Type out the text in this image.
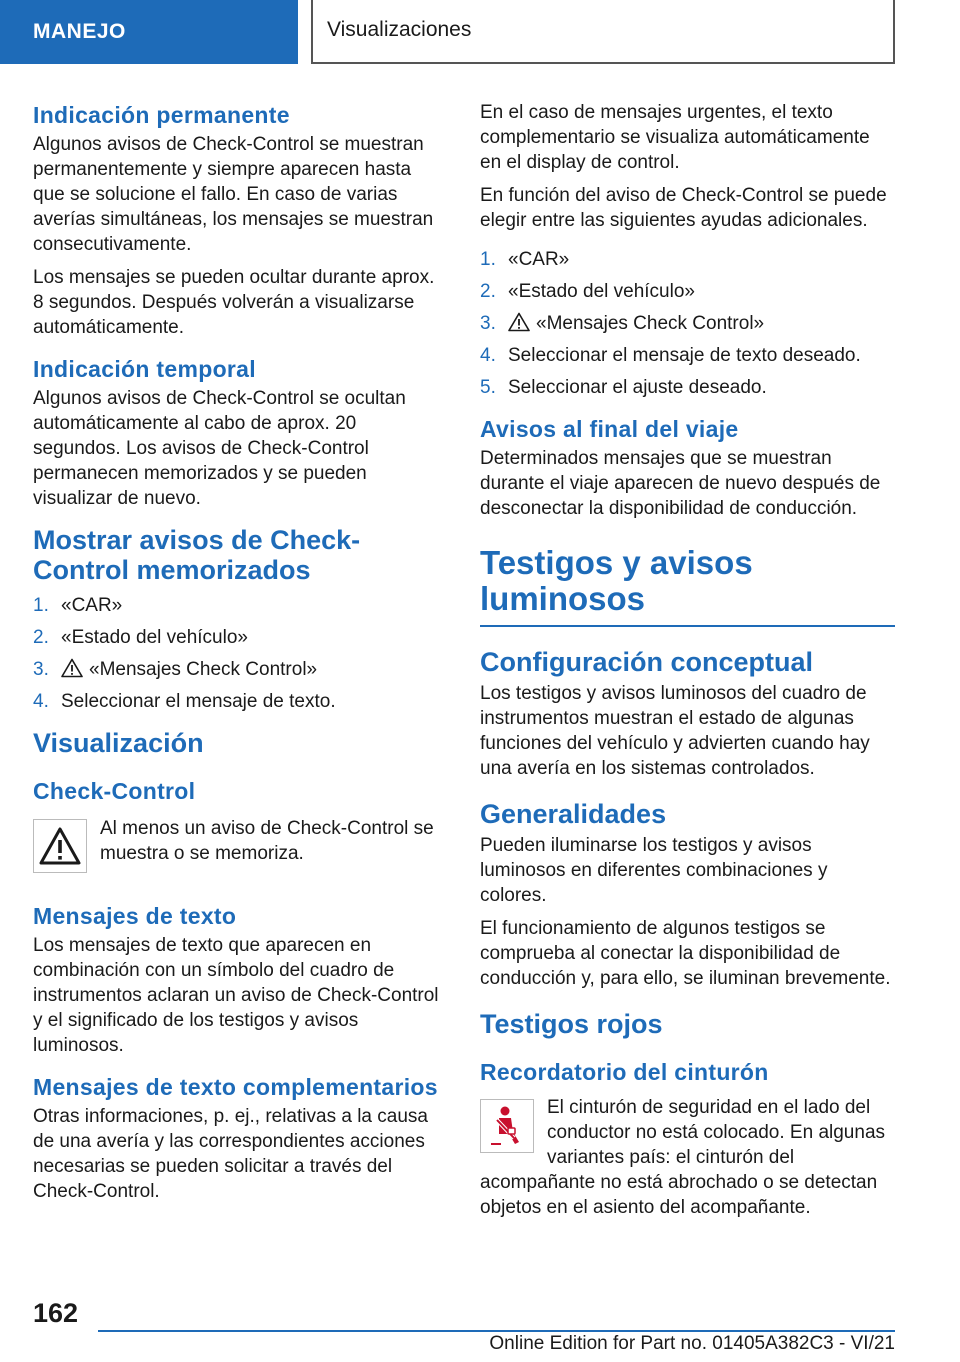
MANEJO	Visualizaciones
Indicación permanente

Algunos avisos de Check-Control se muestran permanentemente y siempre aparecen hasta que se solucione el fallo. En caso de varias averías simultáneas, los mensajes se muestran consecutivamente.

Los mensajes se pueden ocultar durante aprox. 8 segundos. Después volverán a visualizarse automáticamente.

Indicación temporal

Algunos avisos de Check-Control se ocultan automáticamente al cabo de aprox. 20 segundos. Los avisos de Check-Control permanecen memorizados y se pueden visualizar de nuevo.

Mostrar avisos de Check-Control memorizados
1. «CAR»
2. «Estado del vehículo»
3.	«Mensajes Check Control»
4. Seleccionar el mensaje de texto.
Visualización
Check-Control

Al menos un aviso de Check-Control se muestra o se memoriza.

Mensajes de texto

Los mensajes de texto que aparecen en combinación con un símbolo del cuadro de instrumentos aclaran un aviso de Check-Control y el significado de los testigos y avisos luminosos.

Mensajes de texto complementarios

Otras informaciones, p. ej., relativas a la causa de una avería y las correspondientes acciones necesarias se pueden solicitar a través del Check-Control.

En el caso de mensajes urgentes, el texto complementario se visualiza automáticamente en el display de control.

En función del aviso de Check-Control se puede elegir entre las siguientes ayudas adicionales.

1. «CAR»
2. «Estado del vehículo»
3.	«Mensajes Check Control»
4. Seleccionar el mensaje de texto deseado.
5. Seleccionar el ajuste deseado.
Avisos al final del viaje

Determinados mensajes que se muestran durante el viaje aparecen de nuevo después de desconectar la disponibilidad de conducción.

Testigos y avisos luminosos
Configuración conceptual

Los testigos y avisos luminosos del cuadro de instrumentos muestran el estado de algunas funciones del vehículo y advierten cuando hay una avería en los sistemas controlados.

Generalidades

Pueden iluminarse los testigos y avisos luminosos en diferentes combinaciones y colores.

El funcionamiento de algunos testigos se comprueba al conectar la disponibilidad de conducción y, para ello, se iluminan brevemente.

Testigos rojos
Recordatorio del cinturón

El cinturón de seguridad en el lado del conductor no está colocado. En algunas variantes país: el cinturón del acompañante no está abrochado o se detectan objetos en el asiento del acompañante.

162
Online Edition for Part no. 01405A382C3 - VI/21
